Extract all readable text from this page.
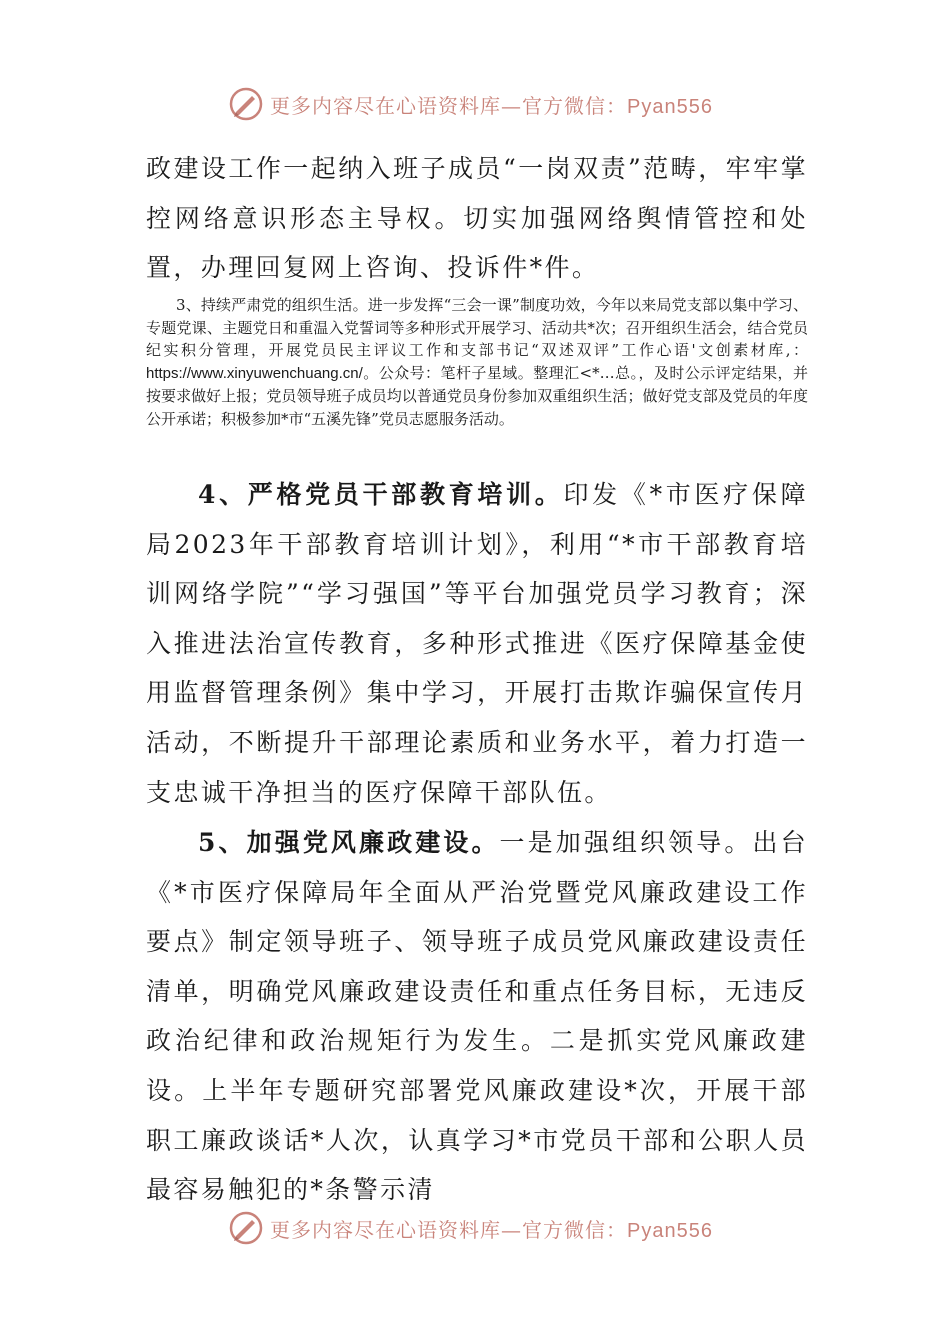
更多内容尽在心语资料库—官方微信：Pyan556

政建设工作一起纳入班子成员“一岗双责”范畴，牢牢掌控网络意识形态主导权。切实加强网络舆情管控和处置，办理回复网上咨询、投诉件*件。

3、持续严肃党的组织生活。进一步发挥“三会一课”制度功效，今年以来局党支部以集中学习、专题党课、主题党日和重温入党誓词等多种形式开展学习、活动共*次；召开组织生活会，结合党员纪实积分管理，开展党员民主评议工作和支部书记“双述双评”工作心语'文创素材库,：https://www.xinyuwenchuang.cn/。公众号：笔杆子星域。整理汇<*…总。，及时公示评定结果，并按要求做好上报；党员领导班子成员均以普通党员身份参加双重组织生活；做好党支部及党员的年度公开承诺；积极参加*市“五溪先锋”党员志愿服务活动。

4、严格党员干部教育培训。印发《*市医疗保障局2023年干部教育培训计划》，利用“*市干部教育培训网络学院”“学习强国”等平台加强党员学习教育；深入推进法治宣传教育，多种形式推进《医疗保障基金使用监督管理条例》集中学习，开展打击欺诈骗保宣传月活动，不断提升干部理论素质和业务水平，着力打造一支忠诚干净担当的医疗保障干部队伍。

5、加强党风廉政建设。一是加强组织领导。出台《*市医疗保障局年全面从严治党暨党风廉政建设工作要点》制定领导班子、领导班子成员党风廉政建设责任清单，明确党风廉政建设责任和重点任务目标，无违反政治纪律和政治规矩行为发生。二是抓实党风廉政建设。上半年专题研究部署党风廉政建设*次，开展干部职工廉政谈话*人次，认真学习*市党员干部和公职人员最容易触犯的*条警示清

更多内容尽在心语资料库—官方微信：Pyan556
